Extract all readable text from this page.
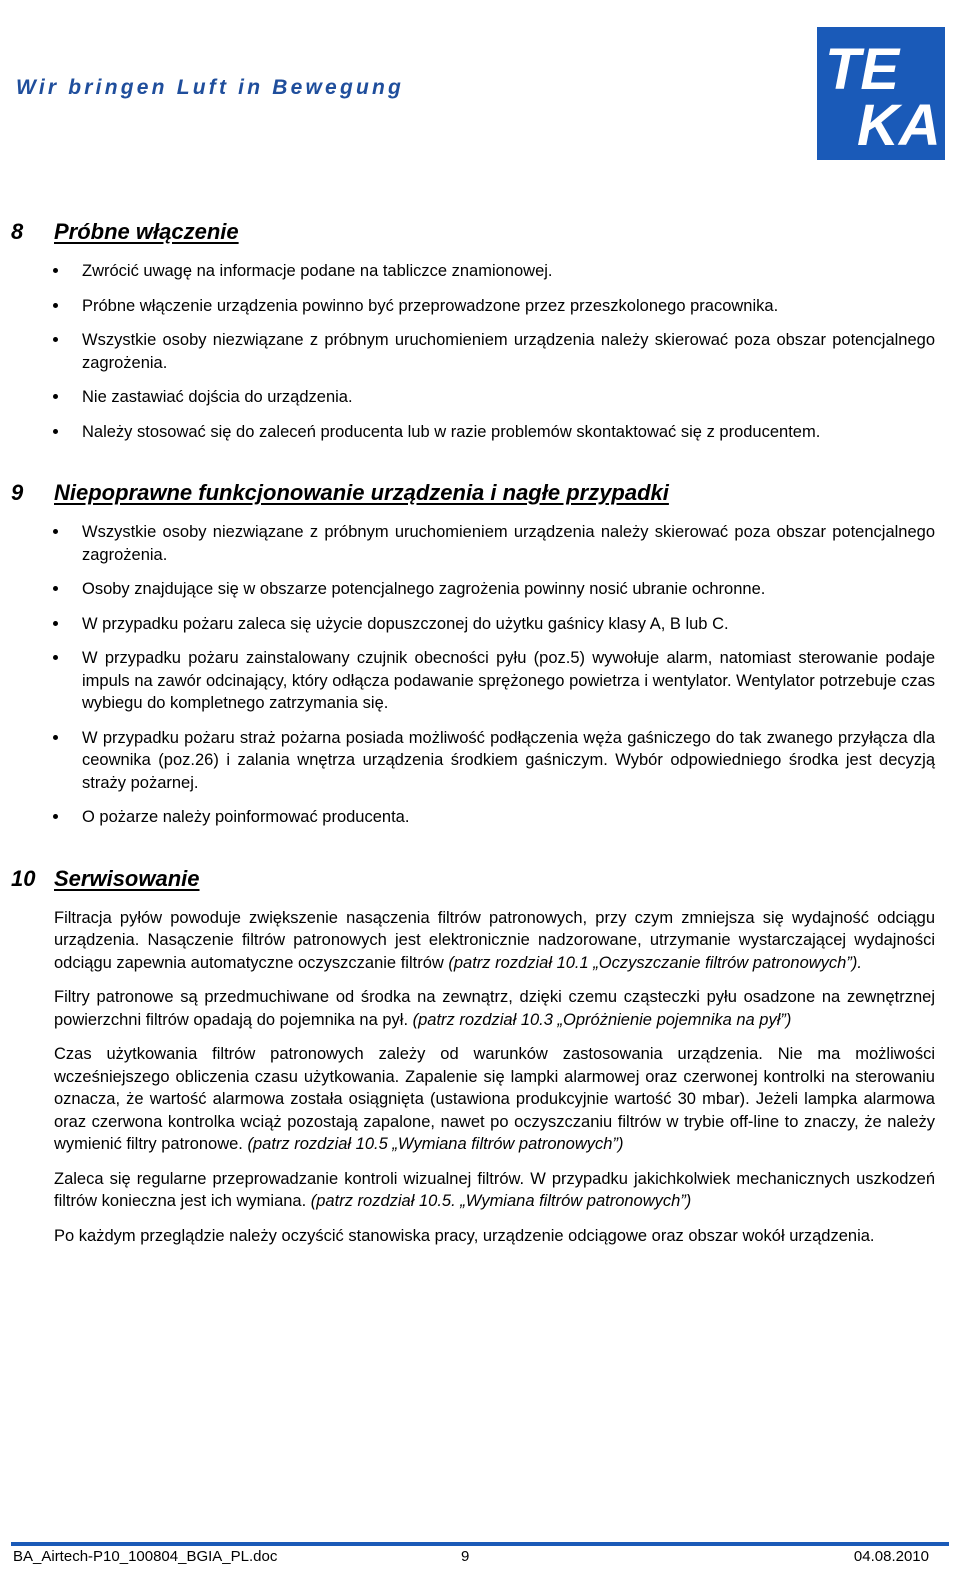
Wir bringen Luft in Bewegung	TE
KA
8 Próbne włączenie
Zwrócić uwagę na informacje podane na tabliczce znamionowej.
Próbne włączenie urządzenia powinno być przeprowadzone przez przeszkolonego pracownika.
Wszystkie osoby niezwiązane z próbnym uruchomieniem urządzenia należy skierować poza obszar potencjalnego zagrożenia.
Nie zastawiać dojścia do urządzenia.
Należy stosować się do zaleceń producenta lub w razie problemów skontaktować się z producentem.
9 Niepoprawne funkcjonowanie urządzenia i nagłe przypadki
Wszystkie osoby niezwiązane z próbnym uruchomieniem urządzenia należy skierować poza obszar potencjalnego zagrożenia.
Osoby znajdujące się w obszarze potencjalnego zagrożenia powinny nosić ubranie ochronne.
W przypadku pożaru zaleca się użycie dopuszczonej do użytku gaśnicy klasy A, B lub C.
W przypadku pożaru zainstalowany czujnik obecności pyłu (poz.5) wywołuje alarm, natomiast sterowanie podaje impuls na zawór odcinający, który odłącza podawanie sprężonego powietrza i wentylator. Wentylator potrzebuje czas wybiegu do kompletnego zatrzymania się.
W przypadku pożaru straż pożarna posiada możliwość podłączenia węża gaśniczego do tak zwanego przyłącza dla ceownika (poz.26) i zalania wnętrza urządzenia środkiem gaśniczym. Wybór odpowiedniego środka jest decyzją straży pożarnej.
O pożarze należy poinformować producenta.
10 Serwisowanie

Filtracja pyłów powoduje zwiększenie nasączenia filtrów patronowych, przy czym zmniejsza się wydajność odciągu urządzenia. Nasączenie filtrów patronowych jest elektronicznie nadzorowane, utrzymanie wystarczającej wydajności odciągu zapewnia automatyczne oczyszczanie filtrów (patrz rozdział 10.1 „Oczyszczanie filtrów patronowych”).

Filtry patronowe są przedmuchiwane od środka na zewnątrz, dzięki czemu cząsteczki pyłu osadzone na zewnętrznej powierzchni filtrów opadają do pojemnika na pył. (patrz rozdział 10.3 „Opróżnienie pojemnika na pył”)

Czas użytkowania filtrów patronowych zależy od warunków zastosowania urządzenia. Nie ma możliwości wcześniejszego obliczenia czasu użytkowania. Zapalenie się lampki alarmowej oraz czerwonej kontrolki na sterowaniu oznacza, że wartość alarmowa została osiągnięta (ustawiona produkcyjnie wartość 30 mbar). Jeżeli lampka alarmowa oraz czerwona kontrolka wciąż pozostają zapalone, nawet po oczyszczaniu filtrów w trybie off-line to znaczy, że należy wymienić filtry patronowe. (patrz rozdział 10.5 „Wymiana filtrów patronowych”)

Zaleca się regularne przeprowadzanie kontroli wizualnej filtrów. W przypadku jakichkolwiek mechanicznych uszkodzeń filtrów konieczna jest ich wymiana. (patrz rozdział 10.5. „Wymiana filtrów patronowych”)

Po każdym przeglądzie należy oczyścić stanowiska pracy, urządzenie odciągowe oraz obszar wokół urządzenia.

BA_Airtech-P10_100804_BGIA_PL.doc	9	04.08.2010
